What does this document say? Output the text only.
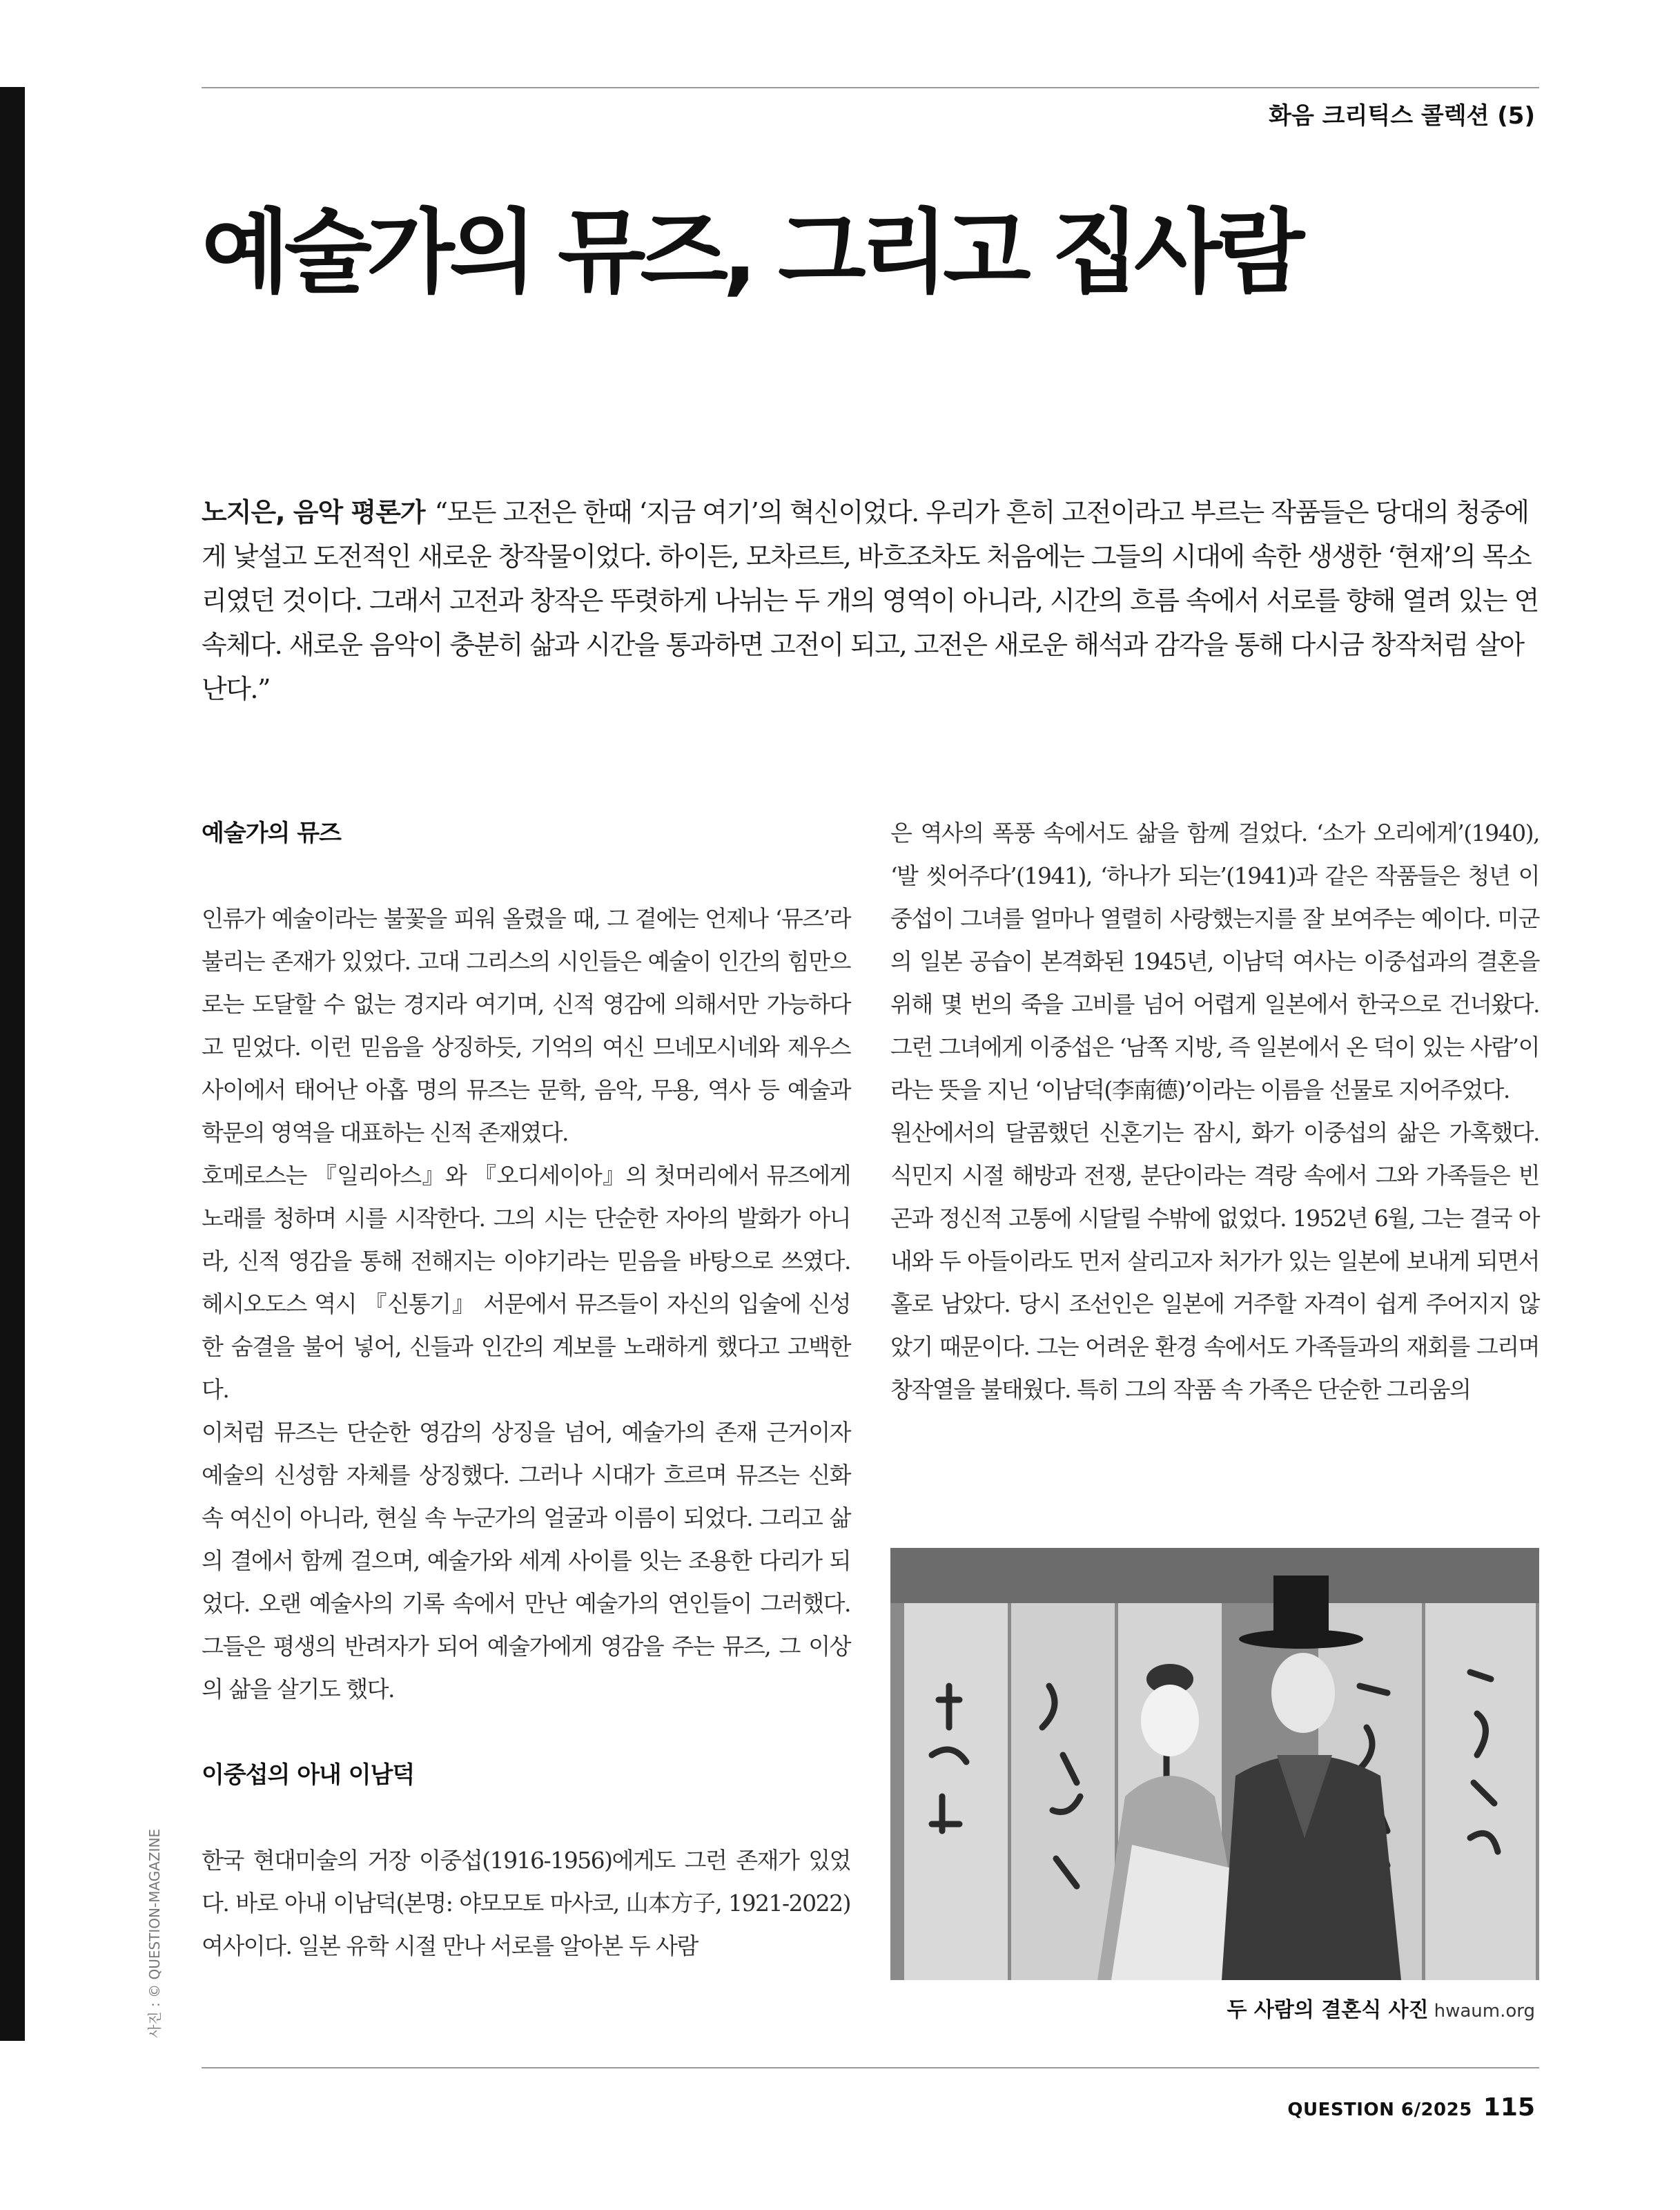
화음 크리틱스 콜렉션 (5)
예술가의 뮤즈, 그리고 집사람

노지은, 음악 평론가 “모든 고전은 한때 ‘지금 여기’의 혁신이었다. 우리가 흔히 고전이라고 부르는 작품들은 당대의 청중에게 낯설고 도전적인 새로운 창작물이었다. 하이든, 모차르트, 바흐조차도 처음에는 그들의 시대에 속한 생생한 ‘현재’의 목소리였던 것이다. 그래서 고전과 창작은 뚜렷하게 나뉘는 두 개의 영역이 아니라, 시간의 흐름 속에서 서로를 향해 열려 있는 연속체다. 새로운 음악이 충분히 삶과 시간을 통과하면 고전이 되고, 고전은 새로운 해석과 감각을 통해 다시금 창작처럼 살아난다.”

예술가의 뮤즈

인류가 예술이라는 불꽃을 피워 올렸을 때, 그 곁에는 언제나 ‘뮤즈’라 불리는 존재가 있었다. 고대 그리스의 시인들은 예술이 인간의 힘만으로는 도달할 수 없는 경지라 여기며, 신적 영감에 의해서만 가능하다고 믿었다. 이런 믿음을 상징하듯, 기억의 여신 므네모시네와 제우스 사이에서 태어난 아홉 명의 뮤즈는 문학, 음악, 무용, 역사 등 예술과 학문의 영역을 대표하는 신적 존재였다.

호메로스는 『일리아스』와 『오디세이아』의 첫머리에서 뮤즈에게 노래를 청하며 시를 시작한다. 그의 시는 단순한 자아의 발화가 아니라, 신적 영감을 통해 전해지는 이야기라는 믿음을 바탕으로 쓰였다. 헤시오도스 역시 『신통기』 서문에서 뮤즈들이 자신의 입술에 신성한 숨결을 불어 넣어, 신들과 인간의 계보를 노래하게 했다고 고백한다.

이처럼 뮤즈는 단순한 영감의 상징을 넘어, 예술가의 존재 근거이자 예술의 신성함 자체를 상징했다. 그러나 시대가 흐르며 뮤즈는 신화 속 여신이 아니라, 현실 속 누군가의 얼굴과 이름이 되었다. 그리고 삶의 결에서 함께 걸으며, 예술가와 세계 사이를 잇는 조용한 다리가 되었다. 오랜 예술사의 기록 속에서 만난 예술가의 연인들이 그러했다. 그들은 평생의 반려자가 되어 예술가에게 영감을 주는 뮤즈, 그 이상의 삶을 살기도 했다.

이중섭의 아내 이남덕

한국 현대미술의 거장 이중섭(1916-1956)에게도 그런 존재가 있었다. 바로 아내 이남덕(본명: 야모모토 마사코, 山本方子, 1921-2022) 여사이다. 일본 유학 시절 만나 서로를 알아본 두 사람

은 역사의 폭풍 속에서도 삶을 함께 걸었다. ‘소가 오리에게’(1940), ‘발 씻어주다’(1941), ‘하나가 되는’(1941)과 같은 작품들은 청년 이중섭이 그녀를 얼마나 열렬히 사랑했는지를 잘 보여주는 예이다. 미군의 일본 공습이 본격화된 1945년, 이남덕 여사는 이중섭과의 결혼을 위해 몇 번의 죽을 고비를 넘어 어렵게 일본에서 한국으로 건너왔다. 그런 그녀에게 이중섭은 ‘남쪽 지방, 즉 일본에서 온 덕이 있는 사람’이라는 뜻을 지닌 ‘이남덕(李南德)’이라는 이름을 선물로 지어주었다.

원산에서의 달콤했던 신혼기는 잠시, 화가 이중섭의 삶은 가혹했다. 식민지 시절 해방과 전쟁, 분단이라는 격랑 속에서 그와 가족들은 빈곤과 정신적 고통에 시달릴 수밖에 없었다. 1952년 6월, 그는 결국 아내와 두 아들이라도 먼저 살리고자 처가가 있는 일본에 보내게 되면서 홀로 남았다. 당시 조선인은 일본에 거주할 자격이 쉽게 주어지지 않았기 때문이다. 그는 어려운 환경 속에서도 가족들과의 재회를 그리며 창작열을 불태웠다. 특히 그의 작품 속 가족은 단순한 그리움의

두 사람의 결혼식 사진 hwaum.org
사진 : © QUESTION-MAGAZINE
QUESTION 6/2025 115
